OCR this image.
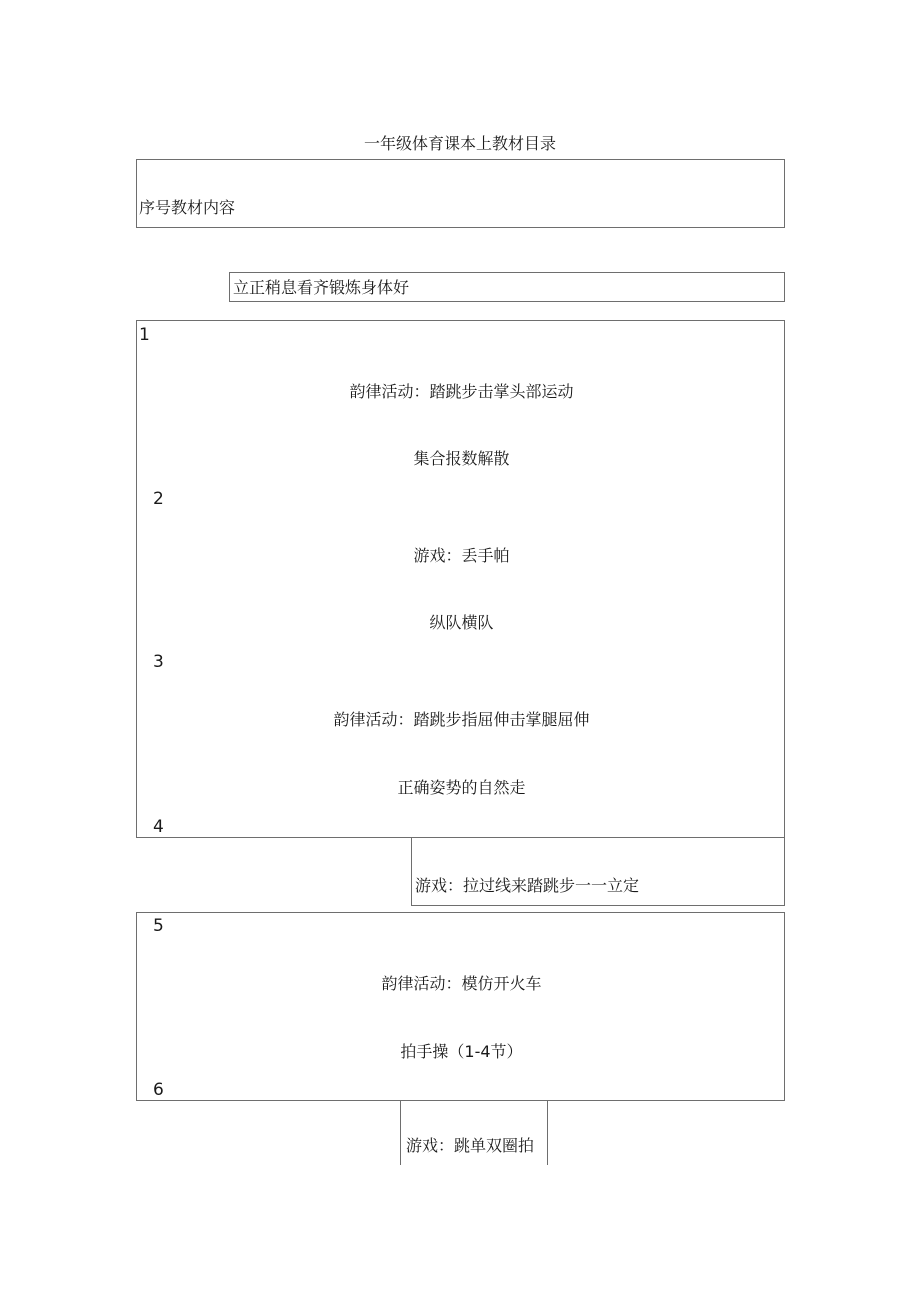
一年级体育课本上教材目录
序号教材内容
立正稍息看齐锻炼身体好
1
韵律活动：踏跳步击掌头部运动
集合报数解散
2
游戏：丢手帕
纵队横队
3
韵律活动：踏跳步指屈伸击掌腿屈伸
正确姿势的自然走
4
游戏：拉过线来踏跳步一一立定
5
韵律活动：模仿开火车
拍手操（1-4节）
6
游戏：跳单双圈拍
